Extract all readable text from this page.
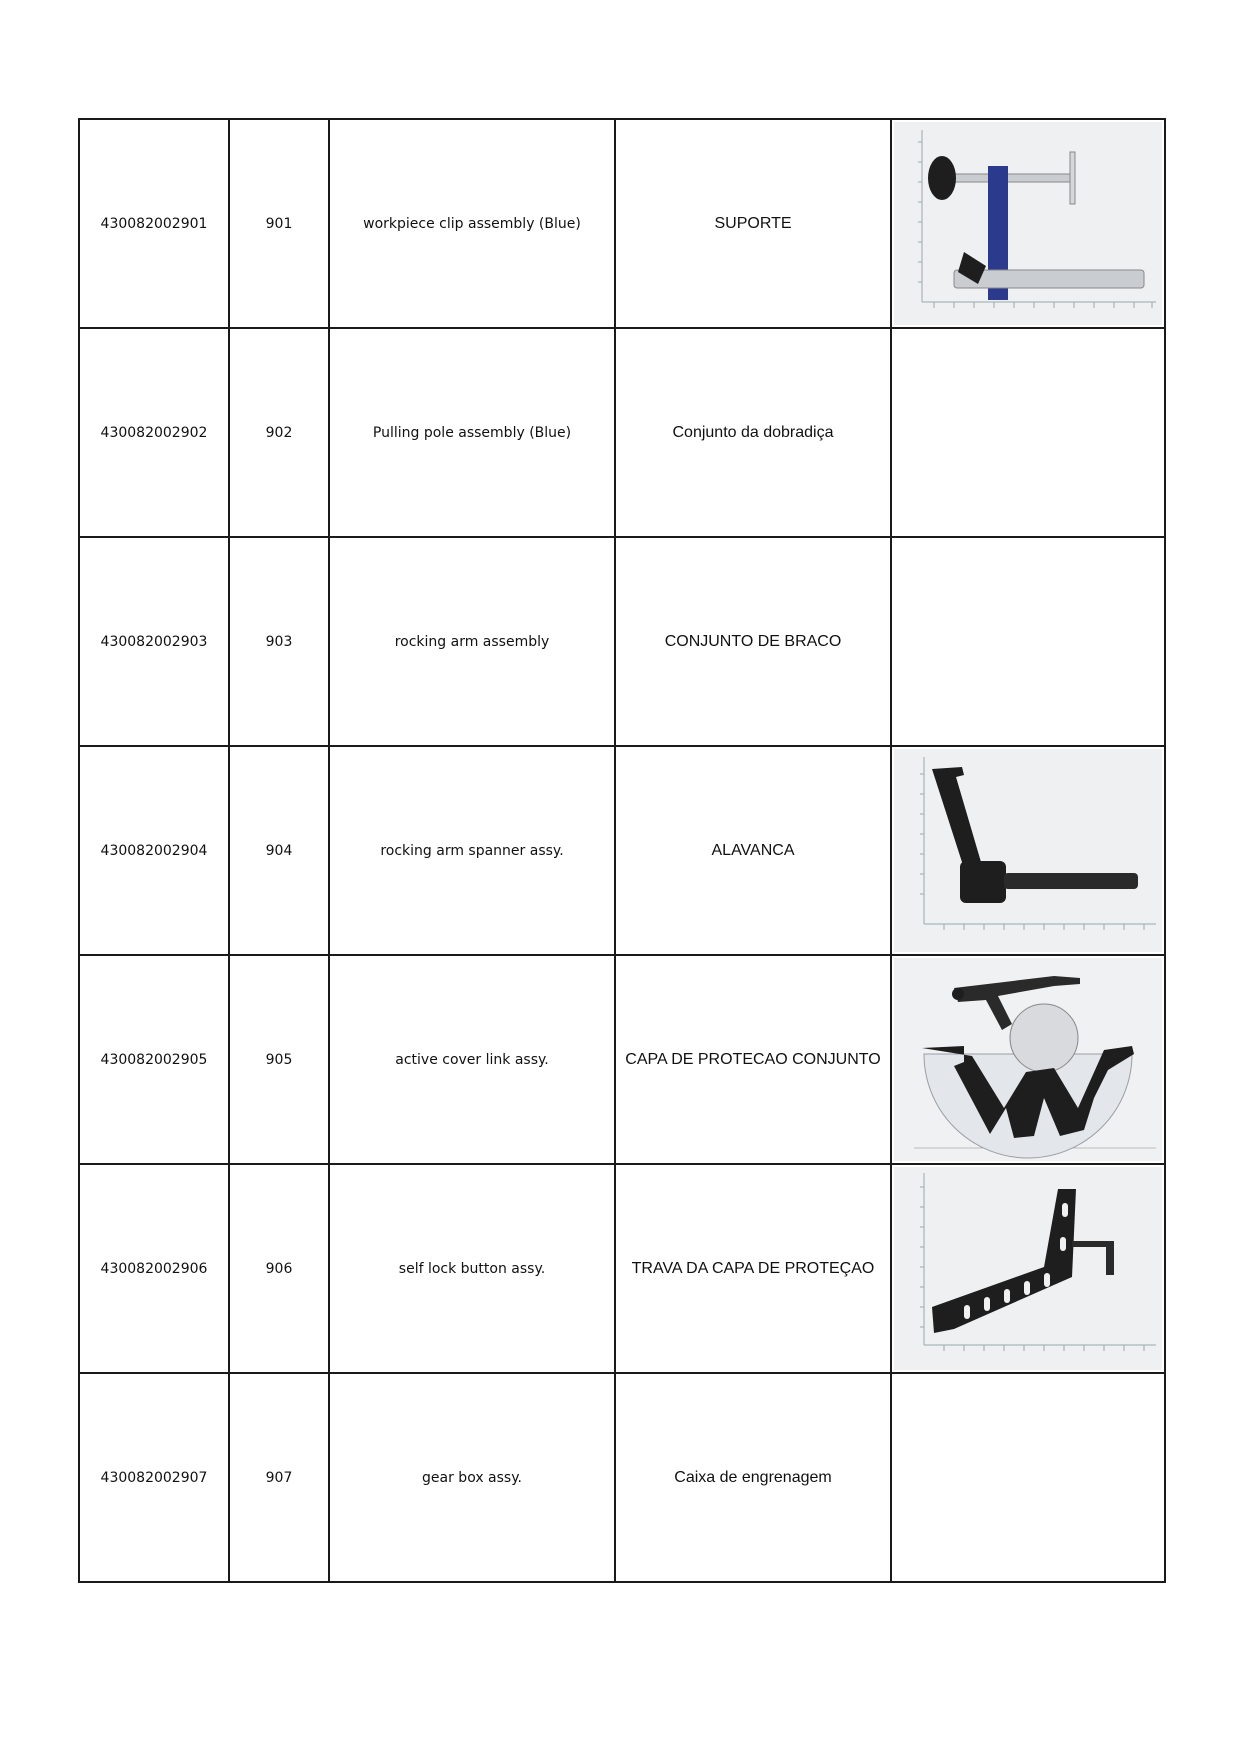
430082002901	901	workpiece clip assembly (Blue)	SUPORTE	

430082002902	902	Pulling pole assembly (Blue)	Conjunto da dobradiça	
430082002903	903	rocking arm assembly	CONJUNTO DE BRACO	
430082002904	904	rocking arm spanner assy.	ALAVANCA	

430082002905	905	active cover link assy.	CAPA DE PROTECAO CONJUNTO	

430082002906	906	self lock button assy.	TRAVA DA CAPA DE PROTEÇAO	

430082002907	907	gear box assy.	Caixa de engrenagem	
